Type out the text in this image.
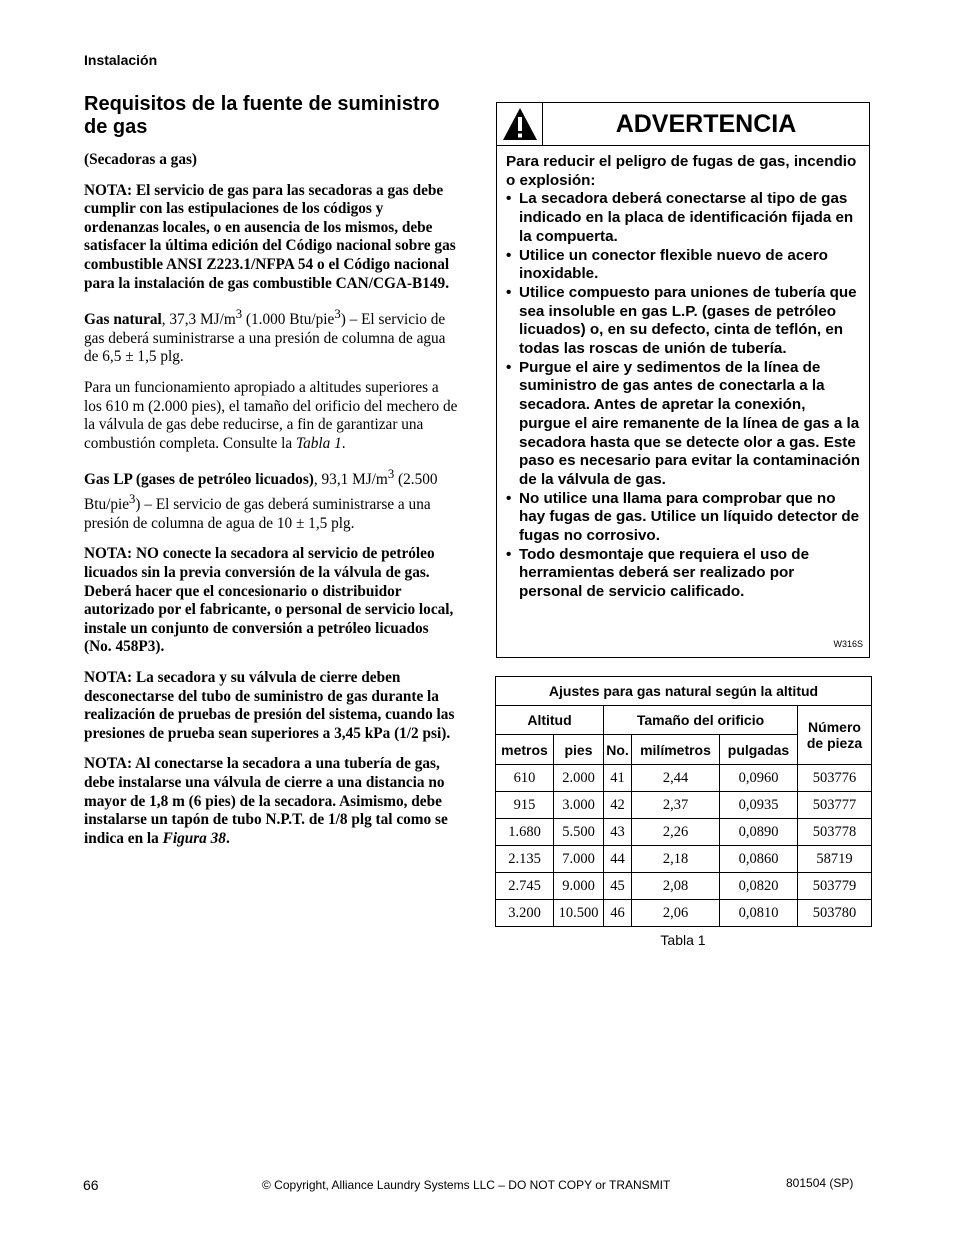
Instalación
Requisitos de la fuente de suministro de gas

(Secadoras a gas)

NOTA: El servicio de gas para las secadoras a gas debe cumplir con las estipulaciones de los códigos y ordenanzas locales, o en ausencia de los mismos, debe satisfacer la última edición del Código nacional sobre gas combustible ANSI Z223.1/NFPA 54 o el Código nacional para la instalación de gas combustible CAN/CGA-B149.

Gas natural, 37,3 $MJ/m^3$ (1.000 Btu/pie$^3$) – El servicio de gas deberá suministrarse a una presión de columna de agua de 6,5 ± 1,5 plg.

Para un funcionamiento apropiado a altitudes superiores a los 610 m (2.000 pies), el tamaño del orificio del mechero de la válvula de gas debe reducirse, a fin de garantizar una combustión completa. Consulte la Tabla 1.

Gas LP (gases de petróleo licuados), 93,1 $MJ/m^3$ (2.500 Btu/pie$^3$) – El servicio de gas deberá suministrarse a una presión de columna de agua de 10 ± 1,5 plg.

NOTA: NO conecte la secadora al servicio de petróleo licuados sin la previa conversión de la válvula de gas. Deberá hacer que el concesionario o distribuidor autorizado por el fabricante, o personal de servicio local, instale un conjunto de conversión a petróleo licuados (No. 458P3).

NOTA: La secadora y su válvula de cierre deben desconectarse del tubo de suministro de gas durante la realización de pruebas de presión del sistema, cuando las presiones de prueba sean superiores a 3,45 kPa (1/2 psi).

NOTA: Al conectarse la secadora a una tubería de gas, debe instalarse una válvula de cierre a una distancia no mayor de 1,8 m (6 pies) de la secadora. Asimismo, debe instalarse un tapón de tubo N.P.T. de 1/8 plg tal como se indica en la Figura 38.

ADVERTENCIA
Para reducir el peligro de fugas de gas, incendio o explosión:
• La secadora deberá conectarse al tipo de gas indicado en la placa de identificación fijada en la compuerta.
• Utilice un conector flexible nuevo de acero inoxidable.
• Utilice compuesto para uniones de tubería que sea insoluble en gas L.P. (gases de petróleo licuados) o, en su defecto, cinta de teflón, en todas las roscas de unión de tubería.
• Purgue el aire y sedimentos de la línea de suministro de gas antes de conectarla a la secadora. Antes de apretar la conexión, purgue el aire remanente de la línea de gas a la secadora hasta que se detecte olor a gas. Este paso es necesario para evitar la contaminación de la válvula de gas.
• No utilice una llama para comprobar que no hay fugas de gas. Utilice un líquido detector de fugas no corrosivo.
• Todo desmontaje que requiera el uso de herramientas deberá ser realizado por personal de servicio calificado.
W316S
Ajustes para gas natural según la altitud					
Altitud		Tamaño del orificio			Número de pieza
metros	pies	No.	milímetros	pulgadas	
610	2.000	41	2,44	0,0960	503776
915	3.000	42	2,37	0,0935	503777
1.680	5.500	43	2,26	0,0890	503778
2.135	7.000	44	2,18	0,0860	58719
2.745	9.000	45	2,08	0,0820	503779
3.200	10.500	46	2,06	0,0810	503780
Tabla 1
66	© Copyright, Alliance Laundry Systems LLC – DO NOT COPY or TRANSMIT	801504 (SP)
